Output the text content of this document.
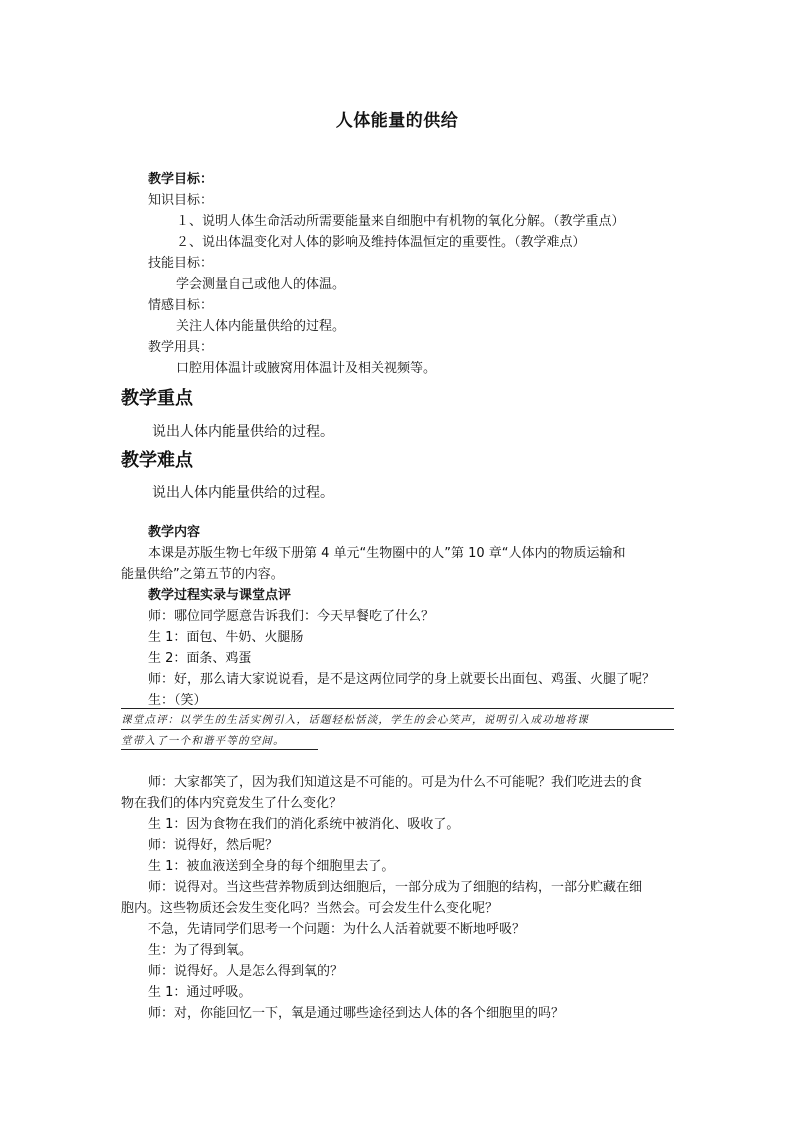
人体能量的供给
教学目标：
知识目标：
１、说明人体生命活动所需要能量来自细胞中有机物的氧化分解。（教学重点）
２、说出体温变化对人体的影响及维持体温恒定的重要性。（教学难点）
技能目标：
学会测量自己或他人的体温。
情感目标：
关注人体内能量供给的过程。
教学用具：
口腔用体温计或腋窝用体温计及相关视频等。
教学重点
说出人体内能量供给的过程。
教学难点
说出人体内能量供给的过程。
教学内容
本课是苏版生物七年级下册第 4 单元“生物圈中的人”第 10 章“人体内的物质运输和
能量供给”之第五节的内容。
教学过程实录与课堂点评
师：哪位同学愿意告诉我们：今天早餐吃了什么？
生 1：面包、牛奶、火腿肠
生 2：面条、鸡蛋
师：好，那么请大家说说看，是不是这两位同学的身上就要长出面包、鸡蛋、火腿了呢？
生：（笑）
课堂点评：以学生的生活实例引入，话题轻松恬淡，学生的会心笑声，说明引入成功地将课
堂带入了一个和谐平等的空间。
师：大家都笑了，因为我们知道这是不可能的。可是为什么不可能呢？我们吃进去的食
物在我们的体内究竟发生了什么变化？
生 1：因为食物在我们的消化系统中被消化、吸收了。
师：说得好，然后呢？
生 1：被血液送到全身的每个细胞里去了。
师：说得对。当这些营养物质到达细胞后，一部分成为了细胞的结构，一部分贮藏在细
胞内。这些物质还会发生变化吗？当然会。可会发生什么变化呢？
不急，先请同学们思考一个问题：为什么人活着就要不断地呼吸？
生：为了得到氧。
师：说得好。人是怎么得到氧的？
生 1：通过呼吸。
师：对，你能回忆一下，氧是通过哪些途径到达人体的各个细胞里的吗？
